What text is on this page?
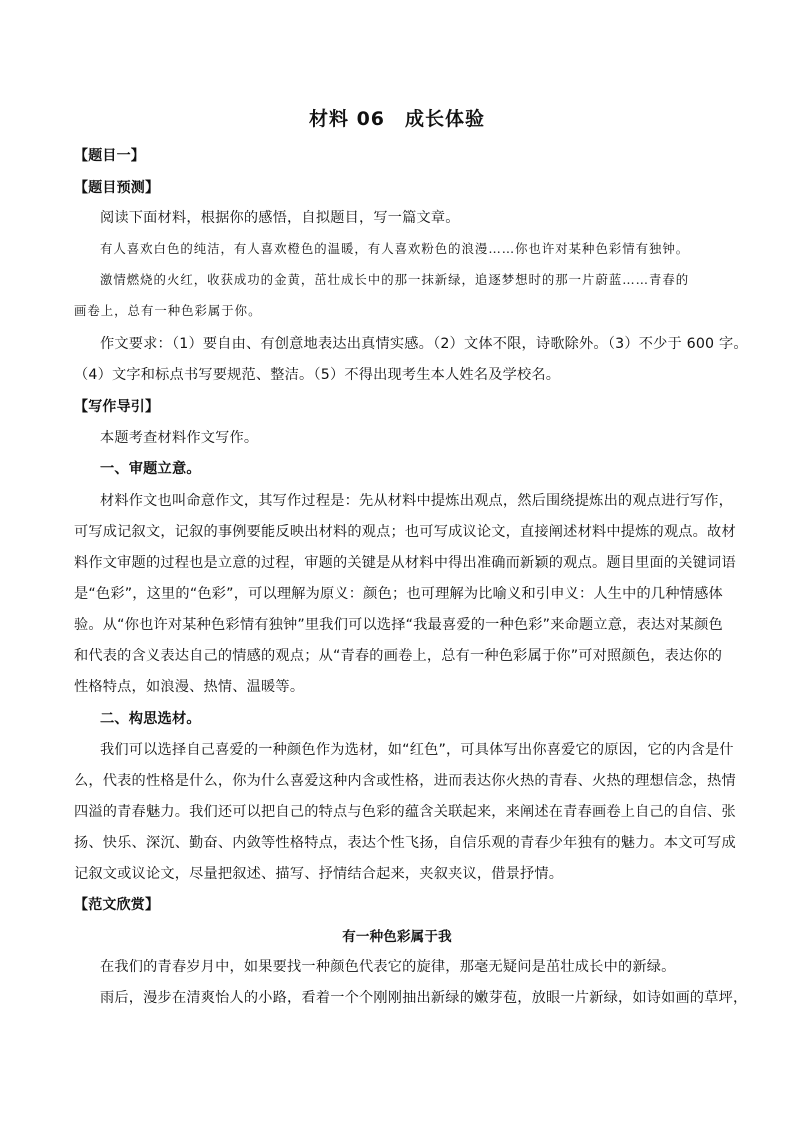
材料 06　成长体验
【题目一】
【题目预测】
阅读下面材料，根据你的感悟，自拟题目，写一篇文章。
有人喜欢白色的纯洁，有人喜欢橙色的温暖，有人喜欢粉色的浪漫……你也许对某种色彩情有独钟。
激情燃烧的火红，收获成功的金黄，茁壮成长中的那一抹新绿，追逐梦想时的那一片蔚蓝……青春的
画卷上，总有一种色彩属于你。
作文要求：（1）要自由、有创意地表达出真情实感。（2）文体不限，诗歌除外。（3）不少于 600 字。
（4）文字和标点书写要规范、整洁。（5）不得出现考生本人姓名及学校名。
【写作导引】
本题考查材料作文写作。
一、审题立意。
材料作文也叫命意作文，其写作过程是：先从材料中提炼出观点，然后围绕提炼出的观点进行写作，
可写成记叙文，记叙的事例要能反映出材料的观点；也可写成议论文，直接阐述材料中提炼的观点。故材
料作文审题的过程也是立意的过程，审题的关键是从材料中得出准确而新颖的观点。题目里面的关键词语
是“色彩”，这里的“色彩”，可以理解为原义：颜色；也可理解为比喻义和引申义：人生中的几种情感体
验。从“你也许对某种色彩情有独钟”里我们可以选择“我最喜爱的一种色彩”来命题立意，表达对某颜色
和代表的含义表达自己的情感的观点；从“青春的画卷上，总有一种色彩属于你”可对照颜色，表达你的
性格特点，如浪漫、热情、温暖等。
二、构思选材。
我们可以选择自己喜爱的一种颜色作为选材，如“红色”，可具体写出你喜爱它的原因，它的内含是什
么，代表的性格是什么，你为什么喜爱这种内含或性格，进而表达你火热的青春、火热的理想信念，热情
四溢的青春魅力。我们还可以把自己的特点与色彩的蕴含关联起来，来阐述在青春画卷上自己的自信、张
扬、快乐、深沉、勤奋、内敛等性格特点，表达个性飞扬，自信乐观的青春少年独有的魅力。本文可写成
记叙文或议论文，尽量把叙述、描写、抒情结合起来，夹叙夹议，借景抒情。
【范文欣赏】
有一种色彩属于我
在我们的青春岁月中，如果要找一种颜色代表它的旋律，那毫无疑问是茁壮成长中的新绿。
雨后，漫步在清爽怡人的小路，看着一个个刚刚抽出新绿的嫩芽苞，放眼一片新绿，如诗如画的草坪，
